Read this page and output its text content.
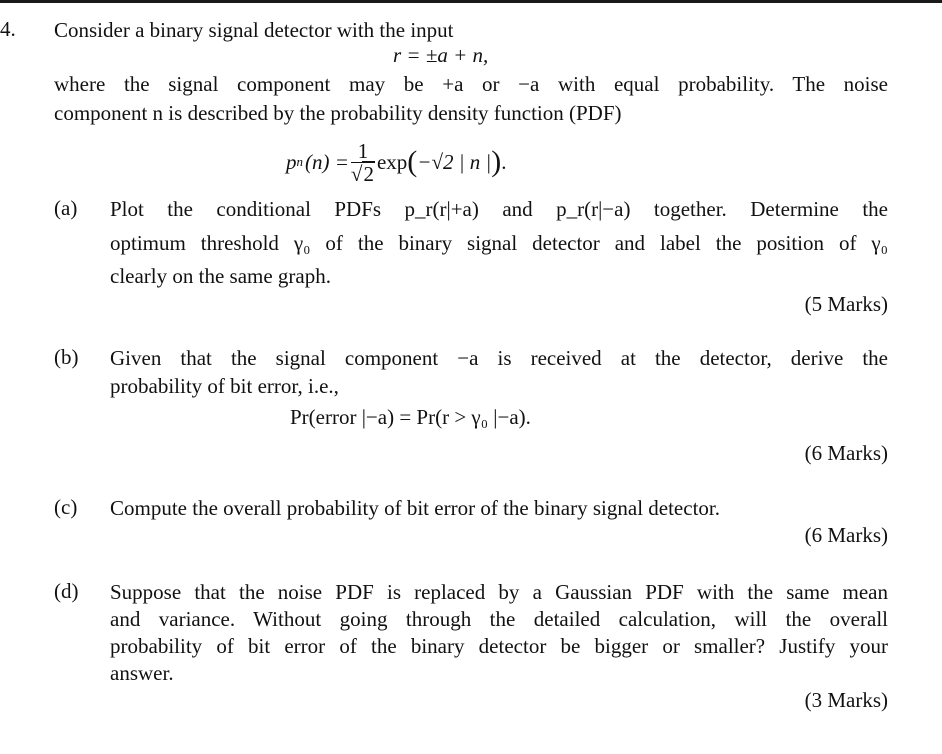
4. Consider a binary signal detector with the input
r = ±a + n,
where the signal component may be +a or −a with equal probability. The noise
component n is described by the probability density function (PDF)
p n $(n) = \frac{1}{√2}$ exp ( −√2 | n | ) .
(a) Plot the conditional PDFs p_r(r|+a) and p_r(r|−a) together. Determine the
optimum threshold γ₀ of the binary signal detector and label the position of γ₀
clearly on the same graph.
(5 Marks)
(b) Given that the signal component −a is received at the detector, derive the
probability of bit error, i.e.,
Pr(error |−a) = Pr(r > γ₀ |−a).
(6 Marks)
(c) Compute the overall probability of bit error of the binary signal detector.
(6 Marks)
(d) Suppose that the noise PDF is replaced by a Gaussian PDF with the same mean
and variance. Without going through the detailed calculation, will the overall
probability of bit error of the binary detector be bigger or smaller? Justify your
answer.
(3 Marks)
